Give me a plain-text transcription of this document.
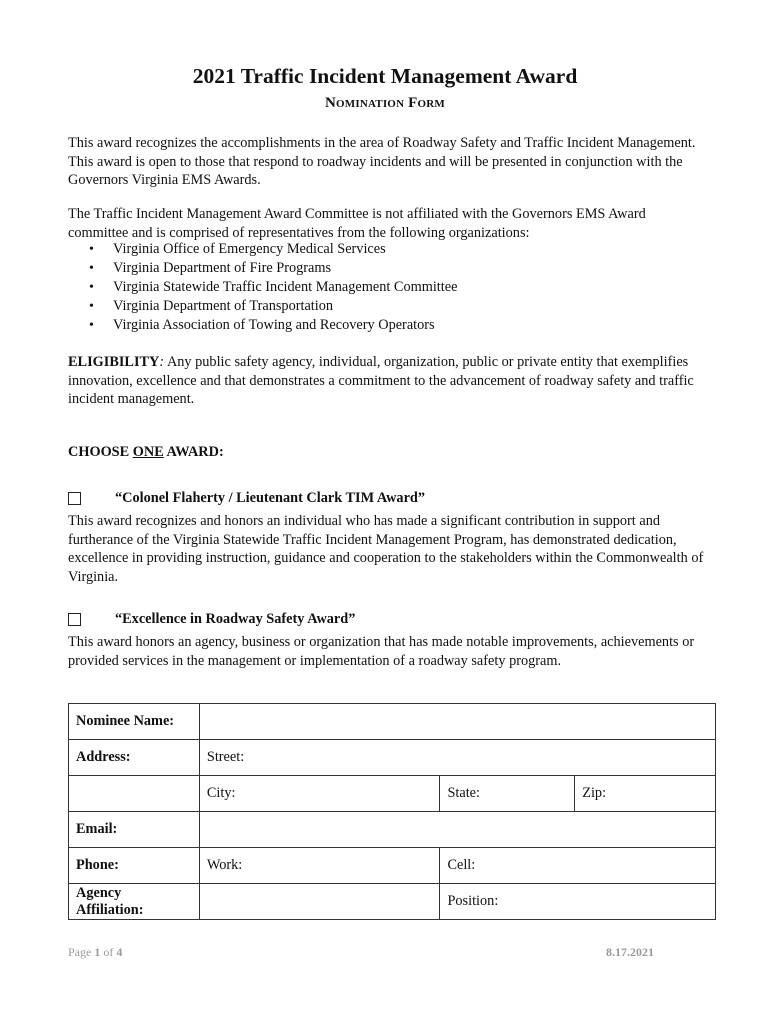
2021 Traffic Incident Management Award
Nomination Form

This award recognizes the accomplishments in the area of Roadway Safety and Traffic Incident Management. This award is open to those that respond to roadway incidents and will be presented in conjunction with the Governors Virginia EMS Awards.

The Traffic Incident Management Award Committee is not affiliated with the Governors EMS Award committee and is comprised of representatives from the following organizations:

• Virginia Office of Emergency Medical Services
• Virginia Department of Fire Programs
• Virginia Statewide Traffic Incident Management Committee
• Virginia Department of Transportation
• Virginia Association of Towing and Recovery Operators

ELIGIBILITY: Any public safety agency, individual, organization, public or private entity that exemplifies innovation, excellence and that demonstrates a commitment to the advancement of roadway safety and traffic incident management.

CHOOSE ONE AWARD:
“Colonel Flaherty / Lieutenant Clark TIM Award”

This award recognizes and honors an individual who has made a significant contribution in support and furtherance of the Virginia Statewide Traffic Incident Management Program, has demonstrated dedication, excellence in providing instruction, guidance and cooperation to the stakeholders within the Commonwealth of Virginia.

“Excellence in Roadway Safety Award”

This award honors an agency, business or organization that has made notable improvements, achievements or provided services in the management or implementation of a roadway safety program.

Nominee Name:			
Address:	Street:		
	City:	State:	Zip:
Email:			
Phone:	Work:	Cell:	
Agency
Affiliation:		Position:	
Page 1 of 4	8.17.2021
